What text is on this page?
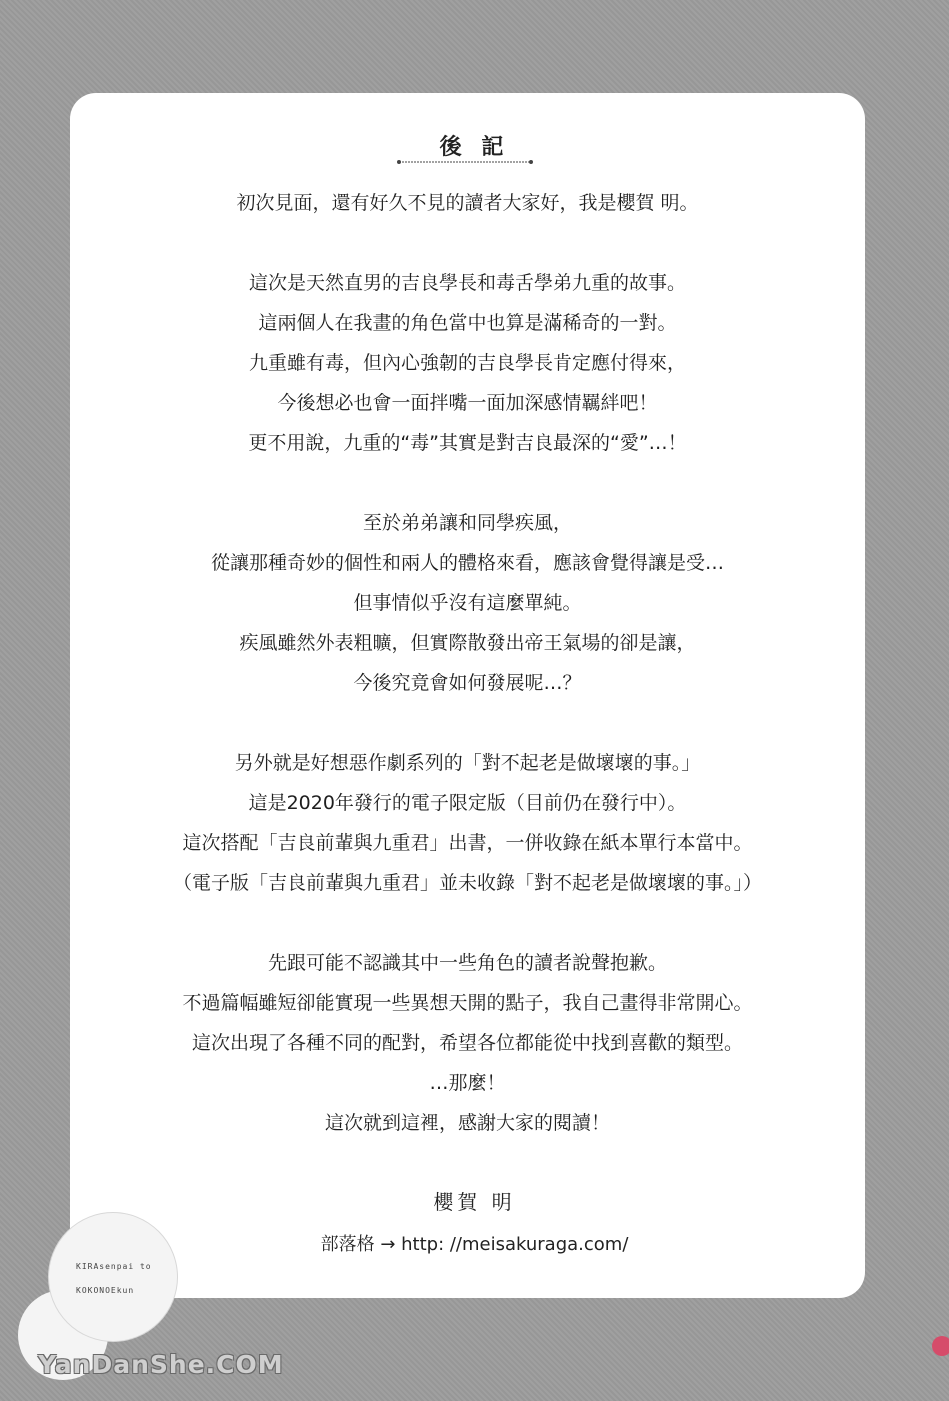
後 記
初次見面，還有好久不見的讀者大家好，我是櫻賀 明。
這次是天然直男的吉良學長和毒舌學弟九重的故事。
這兩個人在我畫的角色當中也算是滿稀奇的一對。
九重雖有毒，但內心強韌的吉良學長肯定應付得來，
今後想必也會一面拌嘴一面加深感情羈絆吧！
更不用說，九重的“毒”其實是對吉良最深的“愛”…！
至於弟弟讓和同學疾風，
從讓那種奇妙的個性和兩人的體格來看，應該會覺得讓是受…
但事情似乎沒有這麼單純。
疾風雖然外表粗曠，但實際散發出帝王氣場的卻是讓，
今後究竟會如何發展呢…？
另外就是好想惡作劇系列的「對不起老是做壞壞的事。」
這是2020年發行的電子限定版（目前仍在發行中）。
這次搭配「吉良前輩與九重君」出書，一併收錄在紙本單行本當中。
（電子版「吉良前輩與九重君」並未收錄「對不起老是做壞壞的事。」）
先跟可能不認識其中一些角色的讀者說聲抱歉。
不過篇幅雖短卻能實現一些異想天開的點子，我自己畫得非常開心。
這次出現了各種不同的配對，希望各位都能從中找到喜歡的類型。
…那麼！
這次就到這裡，感謝大家的閱讀！
櫻賀 明
部落格 → http: //meisakuraga.com/
KIRAsenpai to
KOKONOEkun
YanDanShe.COM
